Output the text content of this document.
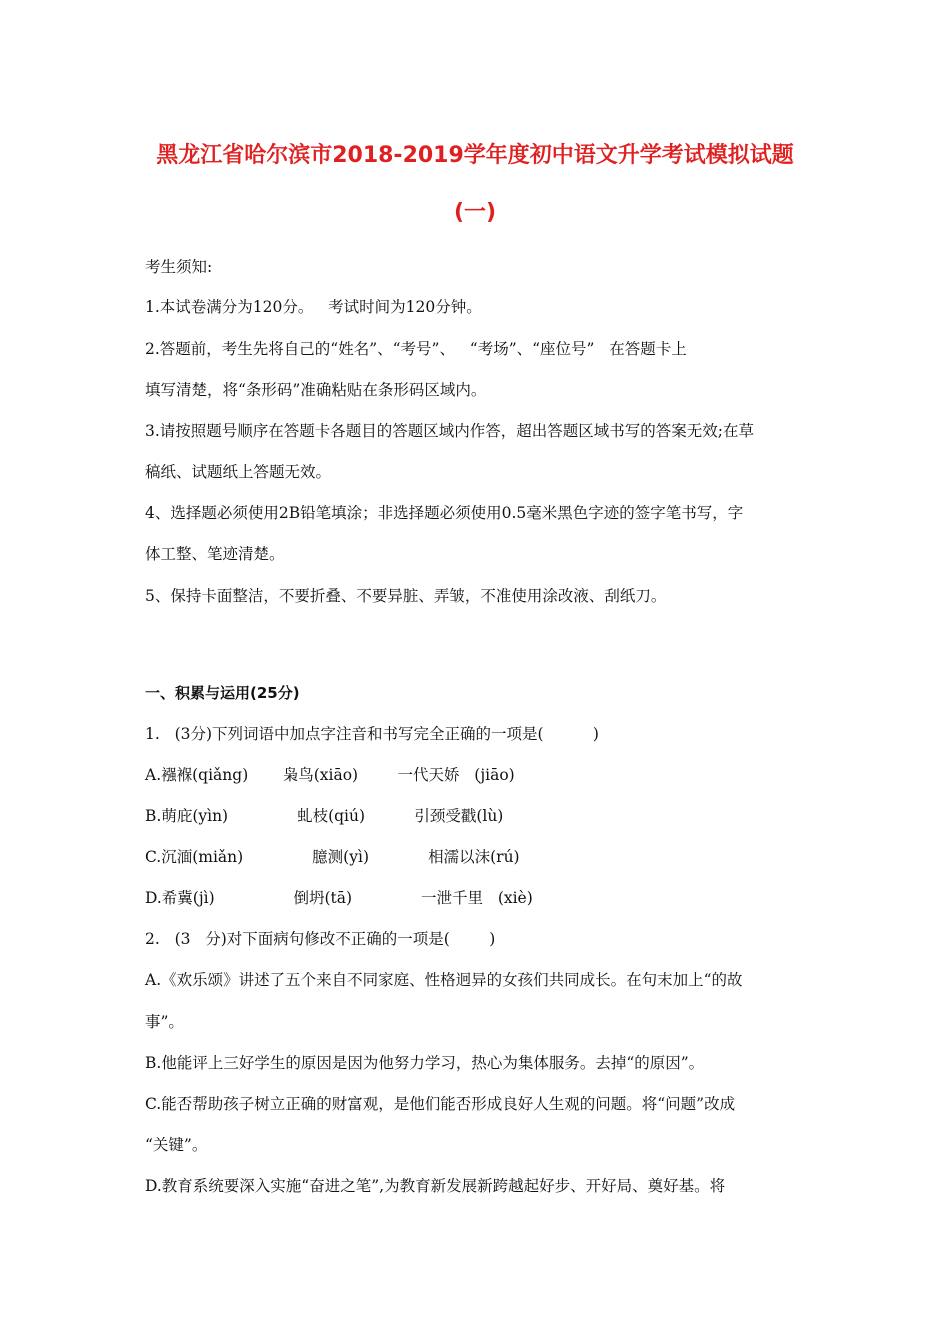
黑龙江省哈尔滨市2018-2019学年度初中语文升学考试模拟试题
(一)
考生须知:
1.本试卷满分为120分。   考试时间为120分钟。
2.答题前，考生先将自己的“姓名”、“考号”、   “考场”、“座位号”   在答题卡上
填写清楚，将“条形码”准确粘贴在条形码区域内。
3.请按照题号顺序在答题卡各题目的答题区域内作答，超出答题区域书写的答案无效;在草
稿纸、试题纸上答题无效。
4、选择题必须使用2B铅笔填涂；非选择题必须使用0.5毫米黑色字迹的签字笔书写，字
体工整、笔迹清楚。
5、保持卡面整洁，不要折叠、不要异脏、弄皱，不准使用涂改液、刮纸刀。
一、积累与运用(25分)
1.   (3分)下列词语中加点字注音和书写完全正确的一项是(          )
A.襁褓(qiǎng)       枭鸟(xiāo)        一代天娇   (jiāo)
B.萌庇(yìn)              虬枝(qiú)          引颈受戳(lù)
C.沉湎(miǎn)              臆测(yì)            相濡以沫(rú)
D.希冀(jì)                倒坍(tā)              一泄千里   (xiè)
2.   (3   分)对下面病句修改不正确的一项是(        )
A.《欢乐颂》讲述了五个来自不同家庭、性格迥异的女孩们共同成长。在句末加上“的故
事”。
B.他能评上三好学生的原因是因为他努力学习，热心为集体服务。去掉“的原因”。
C.能否帮助孩子树立正确的财富观，是他们能否形成良好人生观的问题。将“问题”改成
“关键”。
D.教育系统要深入实施“奋进之笔”,为教育新发展新跨越起好步、开好局、奠好基。将
